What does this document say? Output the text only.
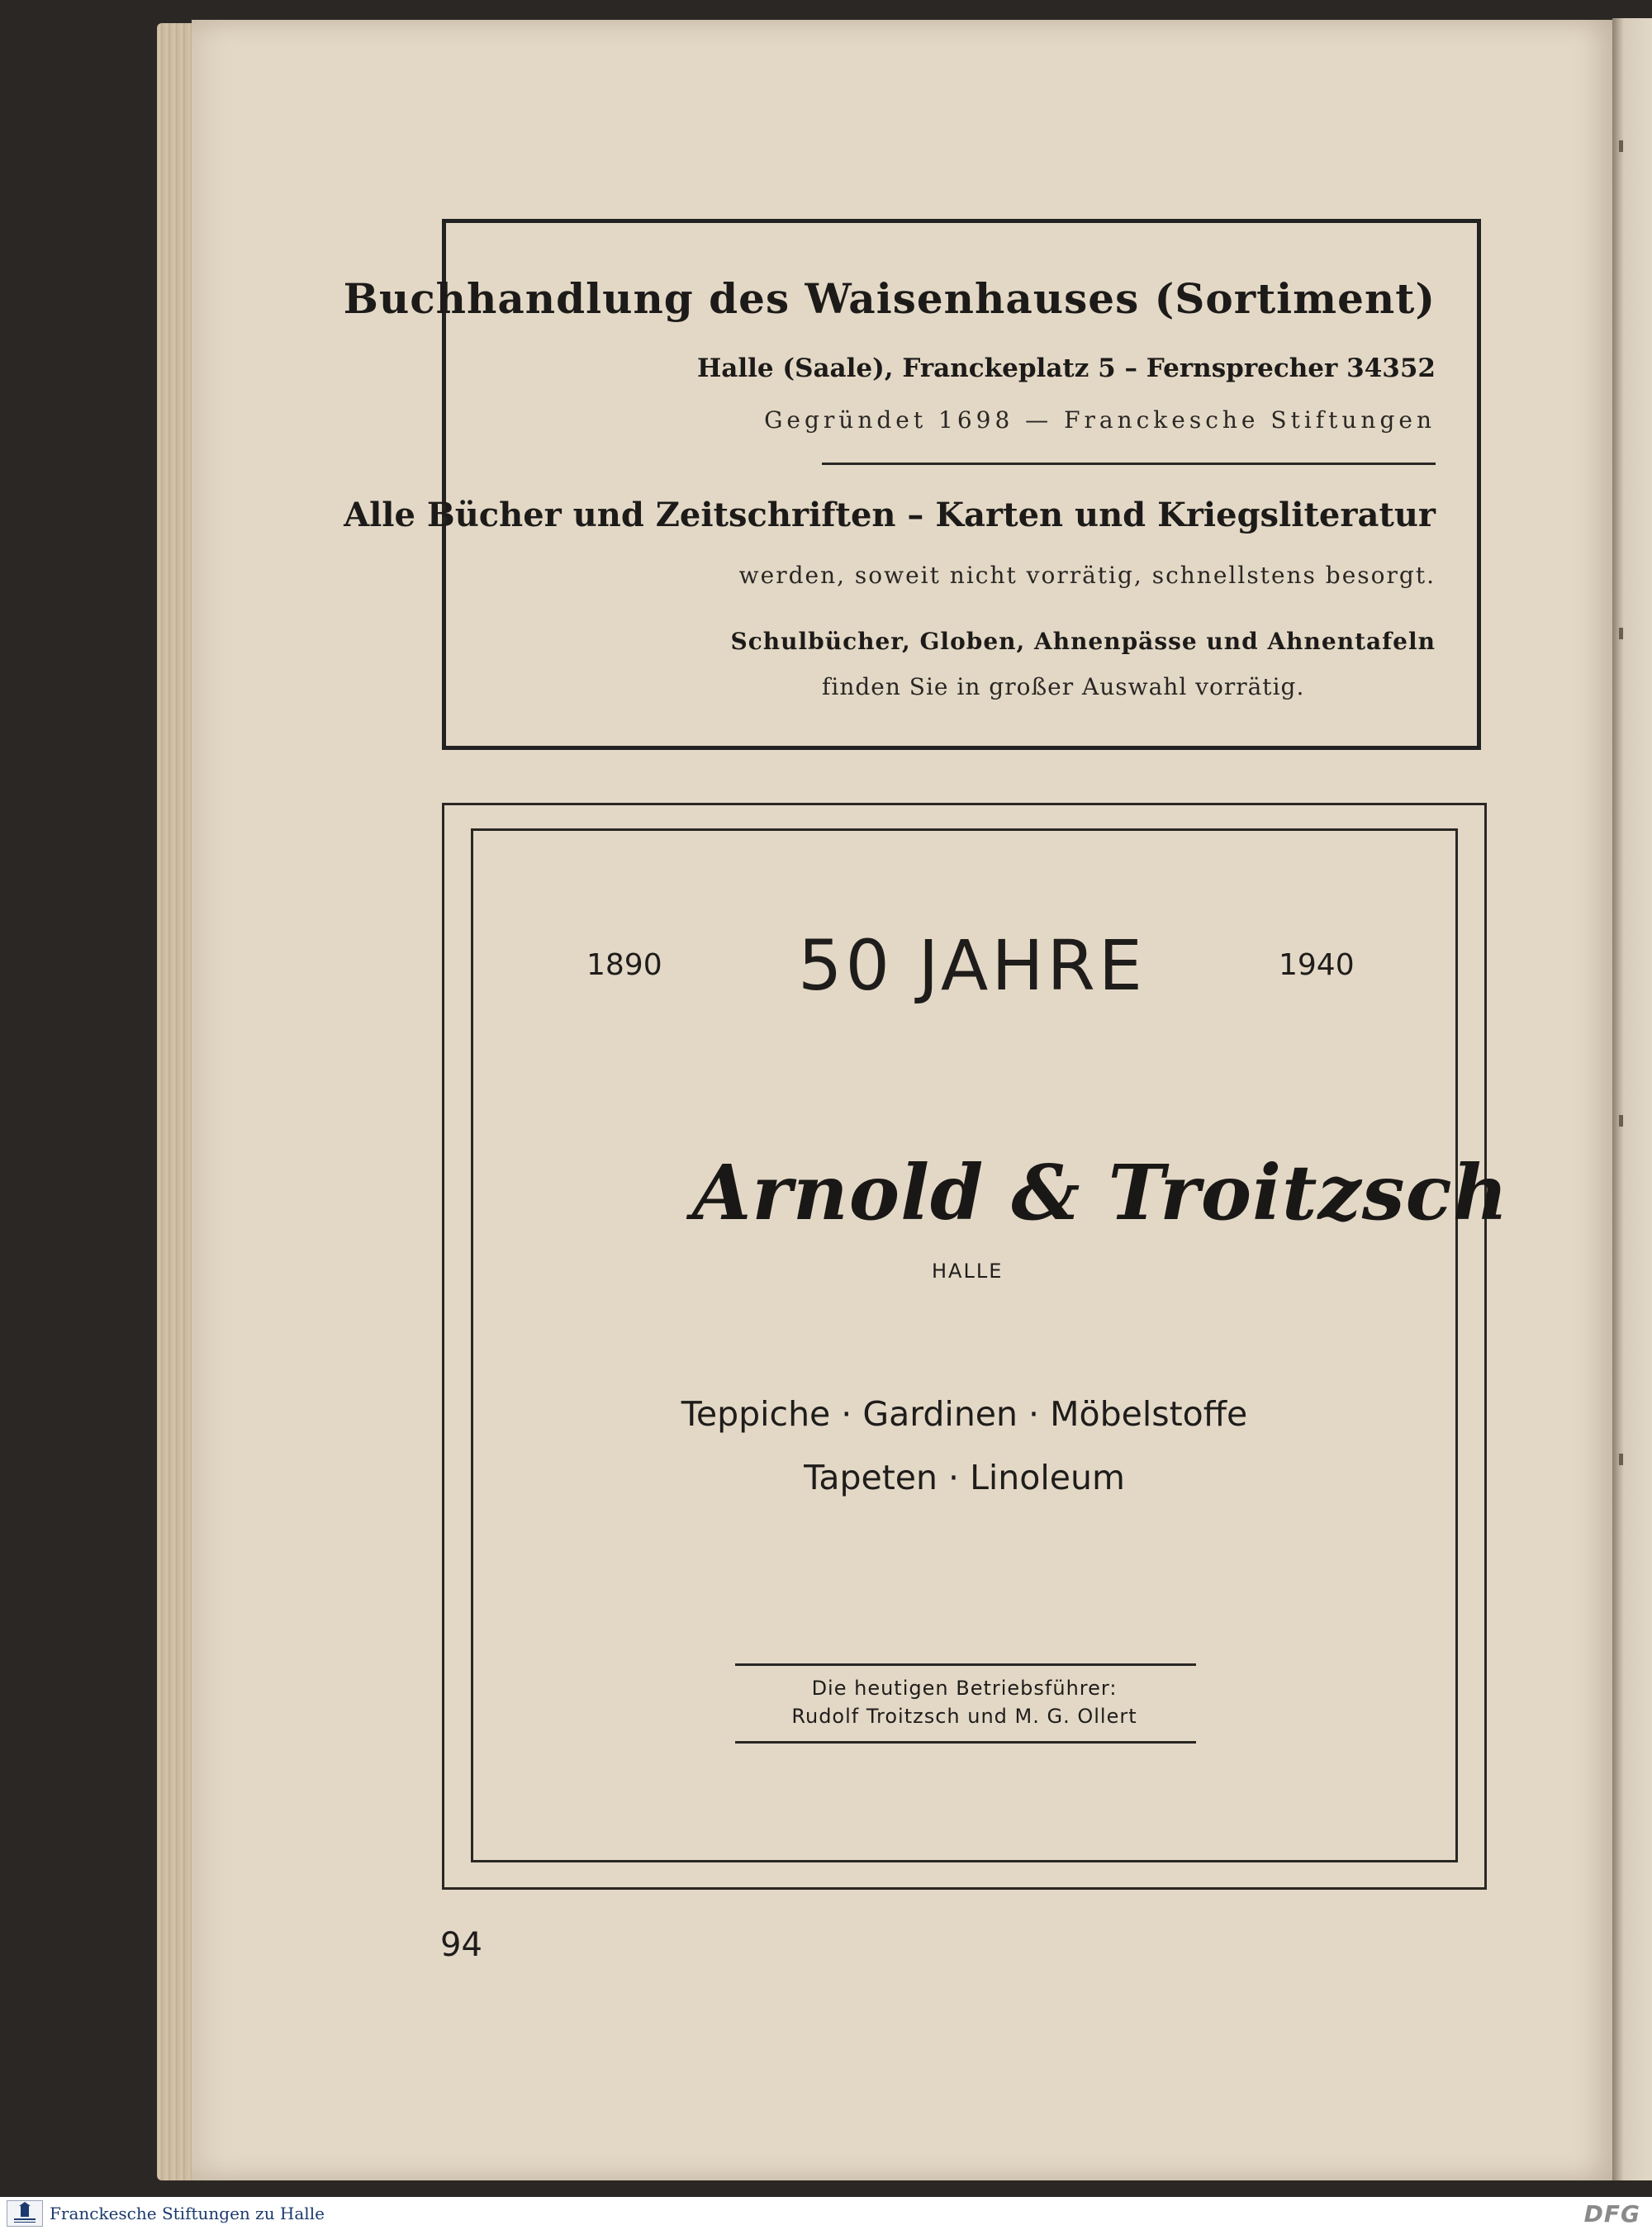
Buchhandlung des Waisenhauses (Sortiment)
Halle (Saale), Franckeplatz 5 – Fernsprecher 34352
Gegründet 1698 — Franckesche Stiftungen
Alle Bücher und Zeitschriften – Karten und Kriegsliteratur
werden, soweit nicht vorrätig, schnellstens besorgt.
Schulbücher, Globen, Ahnenpässe und Ahnentafeln
finden Sie in großer Auswahl vorrätig.
1890 50 JAHRE	1940
Arnold & Troitzsch
HALLE
Teppiche · Gardinen · Möbelstoffe
Tapeten · Linoleum
Die heutigen Betriebsführer:
Rudolf Troitzsch und M. G. Ollert
94
Franckesche Stiftungen zu Halle	DFG
